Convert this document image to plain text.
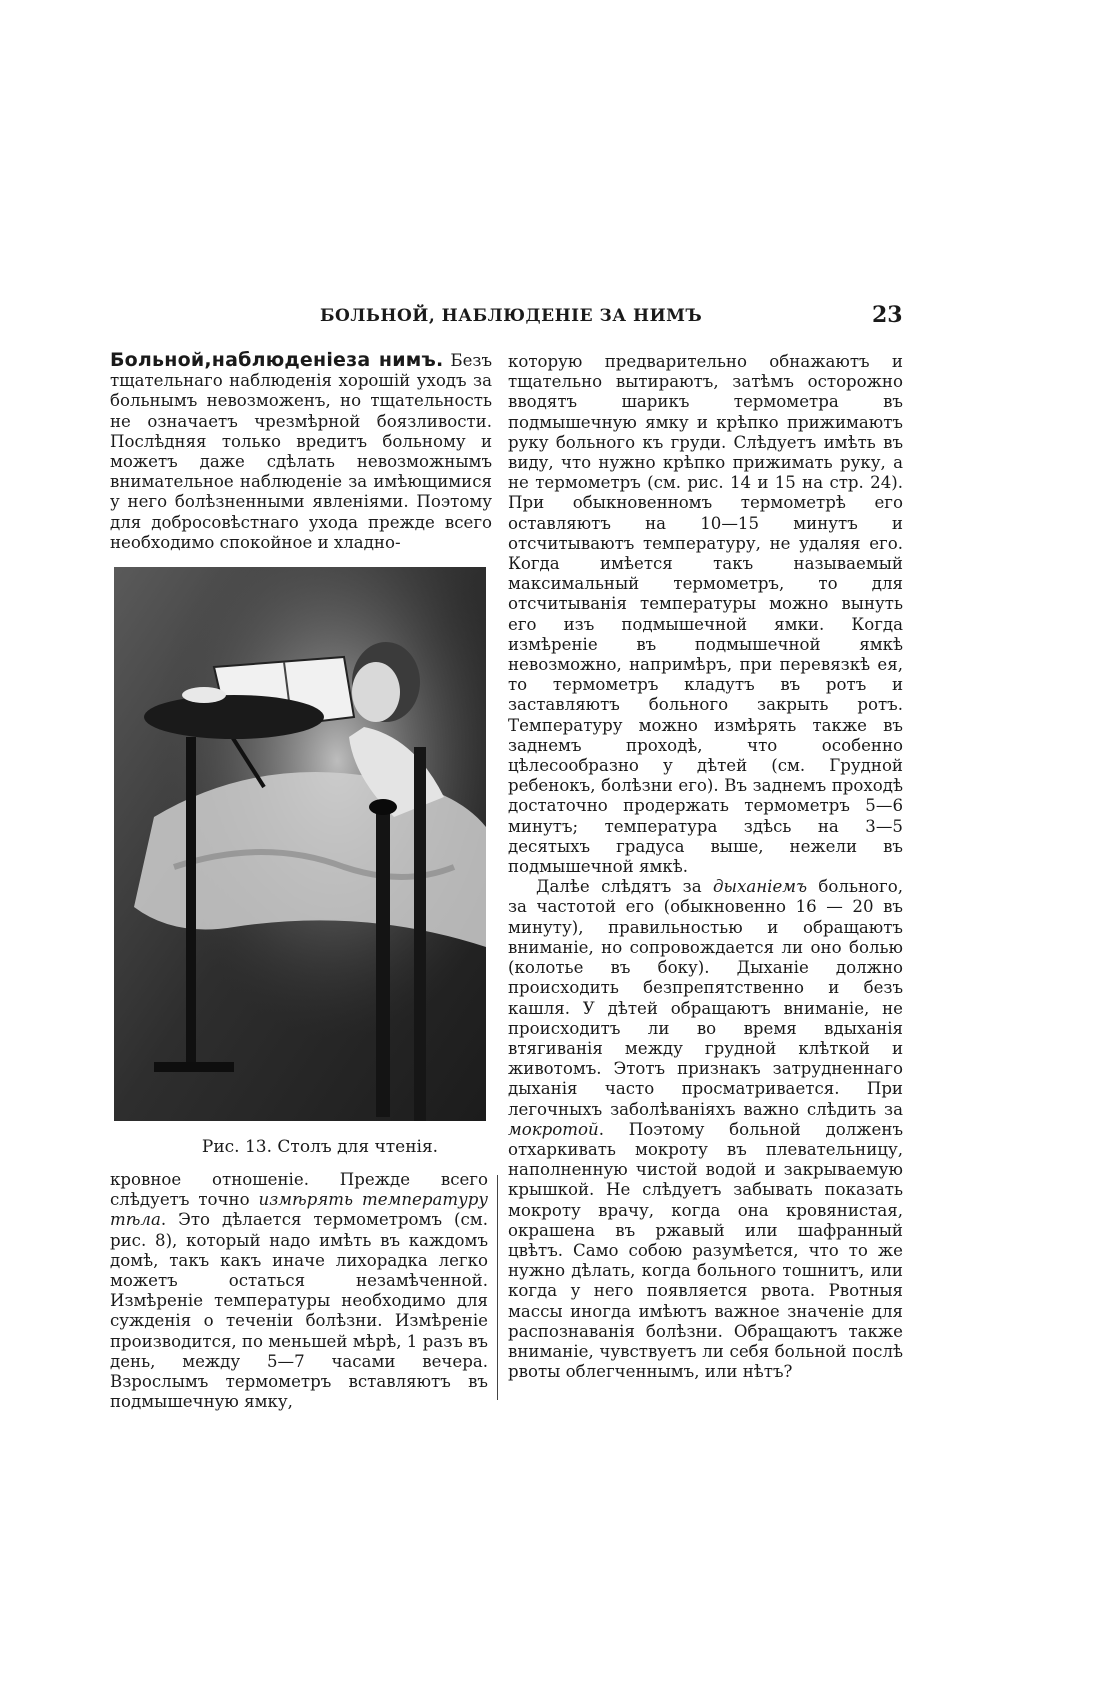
БОЛЬНОЙ, НАБЛЮДЕНІЕ ЗА НИМЪ	23

Больной,наблюденіеза нимъ. Безъ тщательнаго наблюденія хорошій уходъ за больнымъ невозможенъ, но тщательность не означаетъ чрезмѣрной боязливости. Послѣдняя только вредитъ больному и можетъ даже сдѣлать невозможнымъ внимательное наблюденіе за имѣющимися у него болѣзненными явленіями. Поэтому для добросовѣстнаго ухода прежде всего необходимо спокойное и хладно-

Рис. 13. Столъ для чтенія.

кровное отношеніе. Прежде всего слѣдуетъ точно измѣрять температуру тѣла. Это дѣлается термометромъ (см. рис. 8), который надо имѣть въ каждомъ домѣ, такъ какъ иначе лихорадка легко можетъ остаться незамѣченной. Измѣреніе температуры необходимо для сужденія о теченіи болѣзни. Измѣреніе производится, по меньшей мѣрѣ, 1 разъ въ день, между 5—7 часами вечера. Взрослымъ термометръ вставляютъ въ подмышечную ямку,

которую предварительно обнажаютъ и тщательно вытираютъ, затѣмъ осторожно вводятъ шарикъ термометра въ подмышечную ямку и крѣпко прижимаютъ руку больного къ груди. Слѣдуетъ имѣть въ виду, что нужно крѣпко прижимать руку, а не термометръ (см. рис. 14 и 15 на стр. 24). При обыкновенномъ термометрѣ его оставляютъ на 10—15 минутъ и отсчитываютъ температуру, не удаляя его. Когда имѣется такъ называемый максимальный термометръ, то для отсчитыванія температуры можно вынуть его изъ подмышечной ямки. Когда измѣреніе въ подмышечной ямкѣ невозможно, напримѣръ, при перевязкѣ ея, то термометръ кладутъ въ ротъ и заставляютъ больного закрыть ротъ. Температуру можно измѣрять также въ заднемъ проходѣ, что особенно цѣлесообразно у дѣтей (см. Грудной ребенокъ, болѣзни его). Въ заднемъ проходѣ достаточно продержать термометръ 5—6 минутъ; температура здѣсь на 3—5 десятыхъ градуса выше, нежели въ подмышечной ямкѣ.

Далѣе слѣдятъ за дыханіемъ больного, за частотой его (обыкновенно 16 — 20 въ минуту), правильностью и обращаютъ вниманіе, но сопровождается ли оно болью (колотье въ боку). Дыханіе должно происходить безпрепятственно и безъ кашля. У дѣтей обращаютъ вниманіе, не происходитъ ли во время вдыханія втягиванія между грудной клѣткой и животомъ. Этотъ признакъ затрудненнаго дыханія часто просматривается. При легочныхъ заболѣваніяхъ важно слѣдить за мокротой. Поэтому больной долженъ отхаркивать мокроту въ плевательницу, наполненную чистой водой и закрываемую крышкой. Не слѣдуетъ забывать показать мокроту врачу, когда она кровянистая, окрашена въ ржавый или шафранный цвѣтъ. Само собою разумѣется, что то же нужно дѣлать, когда больного тошнитъ, или когда у него появляется рвота. Рвотныя массы иногда имѣютъ важное значеніе для распознаванія болѣзни. Обращаютъ также вниманіе, чувствуетъ ли себя больной послѣ рвоты облегченнымъ, или нѣтъ?
